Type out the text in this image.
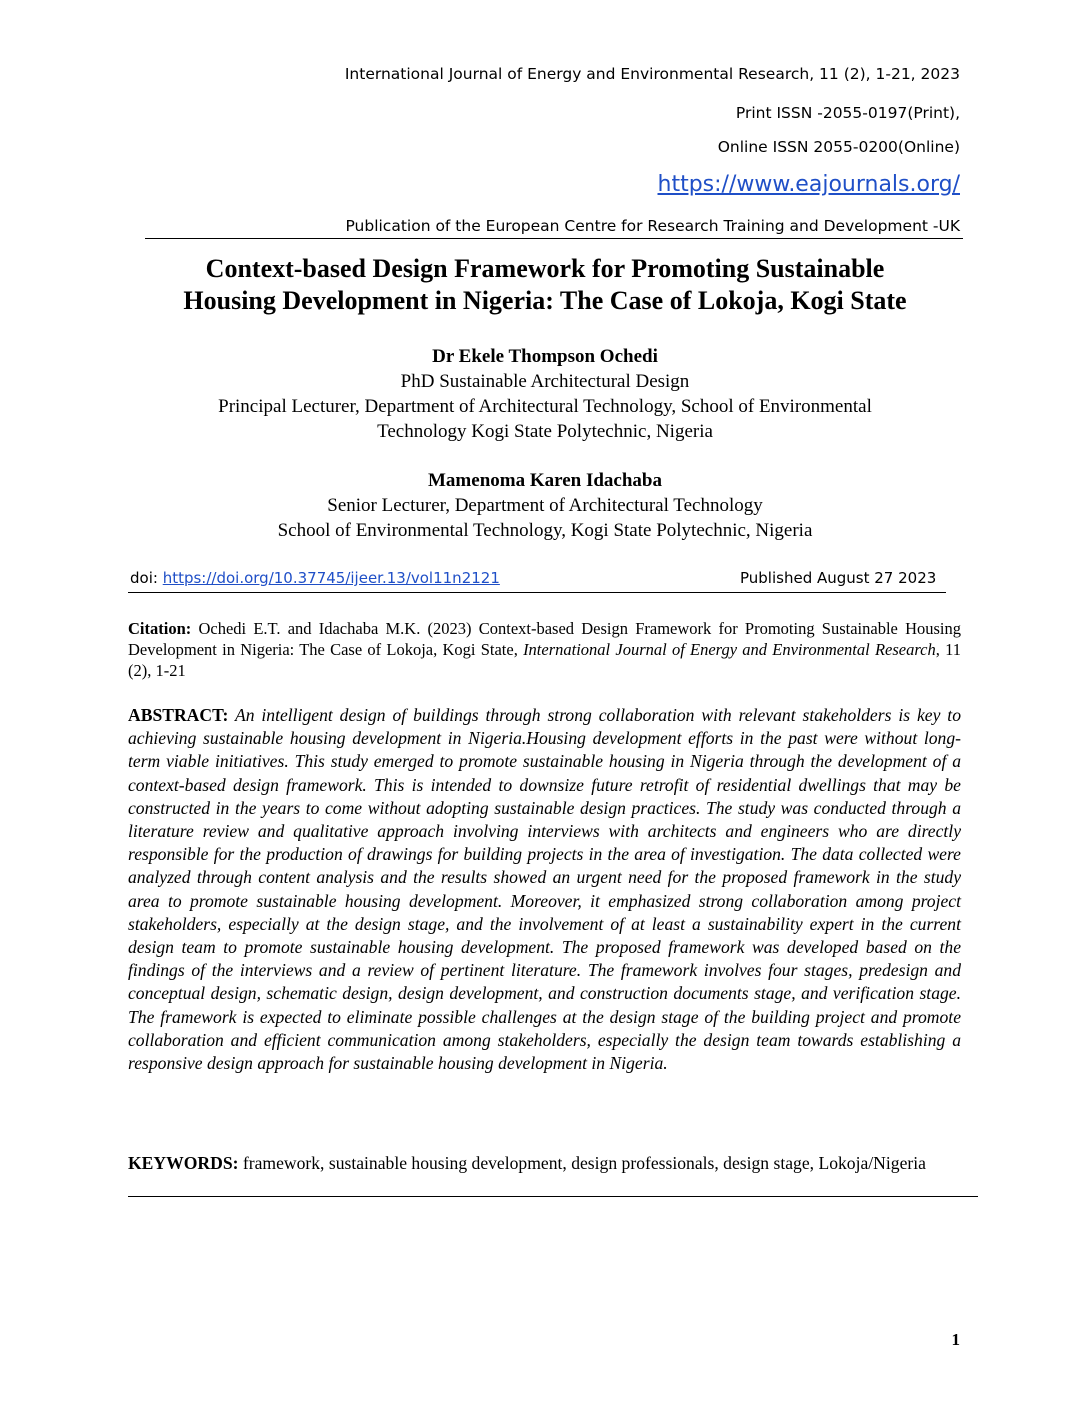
International Journal of Energy and Environmental Research, 11 (2), 1-21, 2023
Print ISSN -2055-0197(Print),
Online ISSN 2055-0200(Online)
https://www.eajournals.org/
Publication of the European Centre for Research Training and Development -UK
Context-based Design Framework for Promoting Sustainable
Housing Development in Nigeria: The Case of Lokoja, Kogi State
Dr Ekele Thompson Ochedi
PhD Sustainable Architectural Design
Principal Lecturer, Department of Architectural Technology, School of Environmental
Technology Kogi State Polytechnic, Nigeria
Mamenoma Karen Idachaba
Senior Lecturer, Department of Architectural Technology
School of Environmental Technology, Kogi State Polytechnic, Nigeria
doi: https://doi.org/10.37745/ijeer.13/vol11n2121	Published August 27 2023
Citation: Ochedi E.T. and Idachaba M.K. (2023) Context-based Design Framework for Promoting Sustainable Housing Development in Nigeria: The Case of Lokoja, Kogi State, International Journal of Energy and Environmental Research, 11 (2), 1-21
ABSTRACT: An intelligent design of buildings through strong collaboration with relevant stakeholders is key to achieving sustainable housing development in Nigeria.Housing development efforts in the past were without long-term viable initiatives. This study emerged to promote sustainable housing in Nigeria through the development of a context-based design framework. This is intended to downsize future retrofit of residential dwellings that may be constructed in the years to come without adopting sustainable design practices. The study was conducted through a literature review and qualitative approach involving interviews with architects and engineers who are directly responsible for the production of drawings for building projects in the area of investigation. The data collected were analyzed through content analysis and the results showed an urgent need for the proposed framework in the study area to promote sustainable housing development. Moreover, it emphasized strong collaboration among project stakeholders, especially at the design stage, and the involvement of at least a sustainability expert in the current design team to promote sustainable housing development. The proposed framework was developed based on the findings of the interviews and a review of pertinent literature. The framework involves four stages, predesign and conceptual design, schematic design, design development, and construction documents stage, and verification stage. The framework is expected to eliminate possible challenges at the design stage of the building project and promote collaboration and efficient communication among stakeholders, especially the design team towards establishing a responsive design approach for sustainable housing development in Nigeria.
KEYWORDS: framework, sustainable housing development, design professionals, design stage, Lokoja/Nigeria
1
